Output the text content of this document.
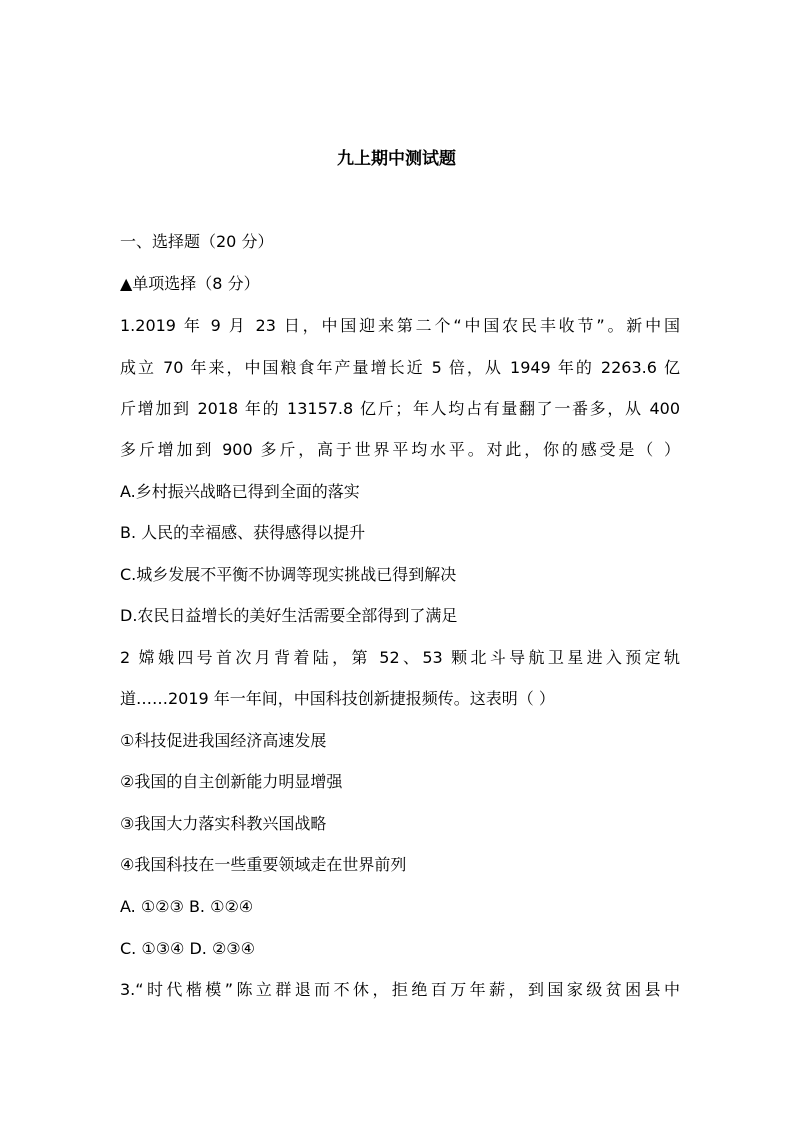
九上期中测试题
一、选择题（20 分）
▲单项选择（8 分）
1.2019 年 9 月 23 日，中国迎来第二个“中国农民丰收节”。新中国
成立 70 年来，中国粮食年产量增长近 5 倍，从 1949 年的 2263.6 亿
斤增加到 2018 年的 13157.8 亿斤；年人均占有量翻了一番多，从 400
多斤增加到 900 多斤，高于世界平均水平。对此，你的感受是（ ）
A.乡村振兴战略已得到全面的落实
B. 人民的幸福感、获得感得以提升
C.城乡发展不平衡不协调等现实挑战已得到解决
D.农民日益增长的美好生活需要全部得到了满足
2 嫦娥四号首次月背着陆，第 52、53 颗北斗导航卫星进入预定轨
道……2019 年一年间，中国科技创新捷报频传。这表明（ ）
①科技促进我国经济高速发展
②我国的自主创新能力明显增强
③我国大力落实科教兴国战略
④我国科技在一些重要领域走在世界前列
A. ①②③ B. ①②④
C. ①③④ D. ②③④
3.“时代楷模”陈立群退而不休，拒绝百万年薪，到国家级贫困县中
